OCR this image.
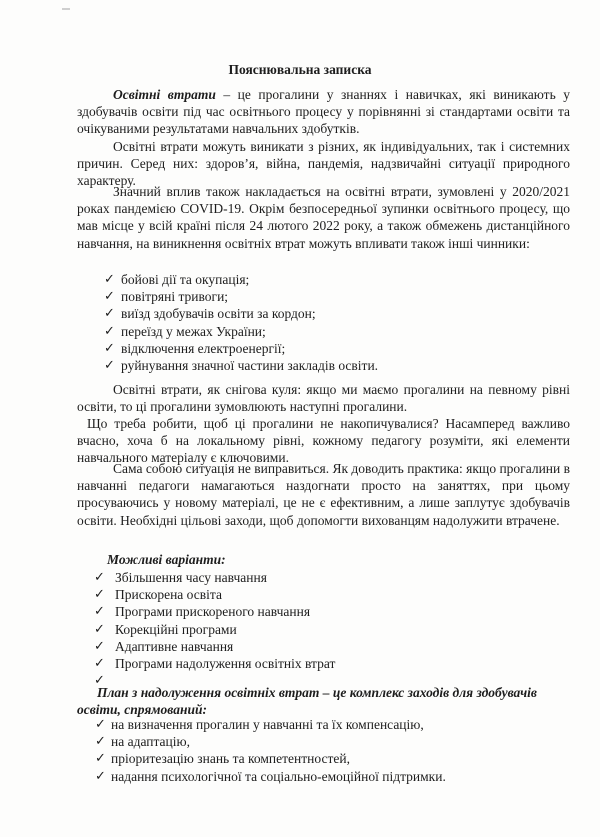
Пояснювальна записка
Освітні втрати – це прогалини у знаннях і навичках, які виникають у здобувачів освіти під час освітнього процесу у порівнянні зі стандартами освіти та очікуваними результатами навчальних здобутків.
Освітні втрати можуть виникати з різних, як індивідуальних, так і системних причин. Серед них: здоров’я, війна, пандемія, надзвичайні ситуації природного характеру.
Значний вплив також накладається на освітні втрати, зумовлені у 2020/2021 роках пандемією COVID-19. Окрім безпосередньої зупинки освітнього процесу, що мав місце у всій країні після 24 лютого 2022 року, а також обмежень дистанційного навчання, на виникнення освітніх втрат можуть впливати також інші чинники:
✓ бойові дії та окупація;
✓ повітряні тривоги;
✓ виїзд здобувачів освіти за кордон;
✓ переїзд у межах України;
✓ відключення електроенергії;
✓ руйнування значної частини закладів освіти.
Освітні втрати, як снігова куля: якщо ми маємо прогалини на певному рівні освіти, то ці прогалини зумовлюють наступні прогалини.
Що треба робити, щоб ці прогалини не накопичувалися? Насамперед важливо вчасно, хоча б на локальному рівні, кожному педагогу розуміти, які елементи навчального матеріалу є ключовими.
Сама собою ситуація не виправиться. Як доводить практика: якщо прогалини в навчанні педагоги намагаються наздогнати просто на заняттях, при цьому просуваючись у новому матеріалі, це не є ефективним, а лише заплутує здобувачів освіти. Необхідні цільові заходи, щоб допомогти вихованцям надолужити втрачене.
Можливі варіанти:
✓ Збільшення часу навчання
✓ Прискорена освіта
✓ Програми прискореного навчання
✓ Корекційні програми
✓ Адаптивне навчання
✓ Програми надолуження освітніх втрат
✓
План з надолуження освітніх втрат – це комплекс заходів для здобувачів освіти, спрямований:
✓ на визначення прогалин у навчанні та їх компенсацію,
✓ на адаптацію,
✓ пріоритезацію знань та компетентностей,
✓ надання психологічної та соціально-емоційної підтримки.
